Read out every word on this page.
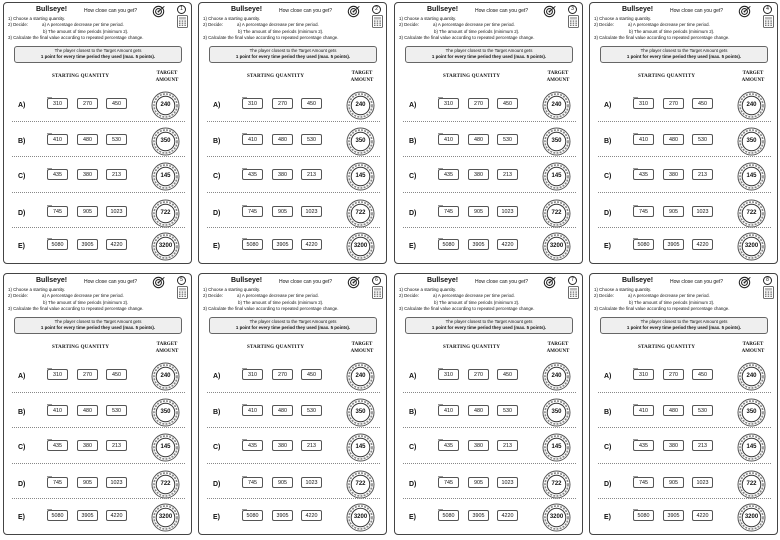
Bullseye!	How close can you get?	1
1) Choose a starting quantity.
2) Decide:	a) A percentage decrease per time period.
b) The amount of time periods (minimum 2).
3) Calculate the final value according to repeated percentage change.
The player closest to the Target Amount gets
1 point for every time period they used (max. 5 points).
STARTING QUANTITY
TARGET
AMOUNT
A)	310	270	450	240
B)	410	480	530	350
C)	435	380	213	145
D)	745	905	1023	722
E)	5080	3905	4220	3200
Bullseye!	How close can you get?	2
1) Choose a starting quantity.
2) Decide:	a) A percentage decrease per time period.
b) The amount of time periods (minimum 2).
3) Calculate the final value according to repeated percentage change.
The player closest to the Target Amount gets
1 point for every time period they used (max. 5 points).
STARTING QUANTITY
TARGET
AMOUNT
A)	310	270	450	240
B)	410	480	530	350
C)	435	380	213	145
D)	745	905	1023	722
E)	5080	3905	4220	3200
Bullseye!	How close can you get?	3
1) Choose a starting quantity.
2) Decide:	a) A percentage decrease per time period.
b) The amount of time periods (minimum 2).
3) Calculate the final value according to repeated percentage change.
The player closest to the Target Amount gets
1 point for every time period they used (max. 5 points).
STARTING QUANTITY
TARGET
AMOUNT
A)	310	270	450	240
B)	410	480	530	350
C)	435	380	213	145
D)	745	905	1023	722
E)	5080	3905	4220	3200
Bullseye!	How close can you get?	4
1) Choose a starting quantity.
2) Decide:	a) A percentage decrease per time period.
b) The amount of time periods (minimum 2).
3) Calculate the final value according to repeated percentage change.
The player closest to the Target Amount gets
1 point for every time period they used (max. 5 points).
STARTING QUANTITY
TARGET
AMOUNT
A)	310	270	450	240
B)	410	480	530	350
C)	435	380	213	145
D)	745	905	1023	722
E)	5080	3905	4220	3200
Bullseye!	How close can you get?	5
1) Choose a starting quantity.
2) Decide:	a) A percentage decrease per time period.
b) The amount of time periods (minimum 2).
3) Calculate the final value according to repeated percentage change.
The player closest to the Target Amount gets
1 point for every time period they used (max. 5 points).
STARTING QUANTITY
TARGET
AMOUNT
A)	310	270	450	240
B)	410	480	530	350
C)	435	380	213	145
D)	745	905	1023	722
E)	5080	3905	4220	3200
Bullseye!	How close can you get?	6
1) Choose a starting quantity.
2) Decide:	a) A percentage decrease per time period.
b) The amount of time periods (minimum 2).
3) Calculate the final value according to repeated percentage change.
The player closest to the Target Amount gets
1 point for every time period they used (max. 5 points).
STARTING QUANTITY
TARGET
AMOUNT
A)	310	270	450	240
B)	410	480	530	350
C)	435	380	213	145
D)	745	905	1023	722
E)	5080	3905	4220	3200
Bullseye!	How close can you get?	7
1) Choose a starting quantity.
2) Decide:	a) A percentage decrease per time period.
b) The amount of time periods (minimum 2).
3) Calculate the final value according to repeated percentage change.
The player closest to the Target Amount gets
1 point for every time period they used (max. 5 points).
STARTING QUANTITY
TARGET
AMOUNT
A)	310	270	450	240
B)	410	480	530	350
C)	435	380	213	145
D)	745	905	1023	722
E)	5080	3905	4220	3200
Bullseye!	How close can you get?	8
1) Choose a starting quantity.
2) Decide:	a) A percentage decrease per time period.
b) The amount of time periods (minimum 2).
3) Calculate the final value according to repeated percentage change.
The player closest to the Target Amount gets
1 point for every time period they used (max. 5 points).
STARTING QUANTITY
TARGET
AMOUNT
A)	310	270	450	240
B)	410	480	530	350
C)	435	380	213	145
D)	745	905	1023	722
E)	5080	3905	4220	3200
